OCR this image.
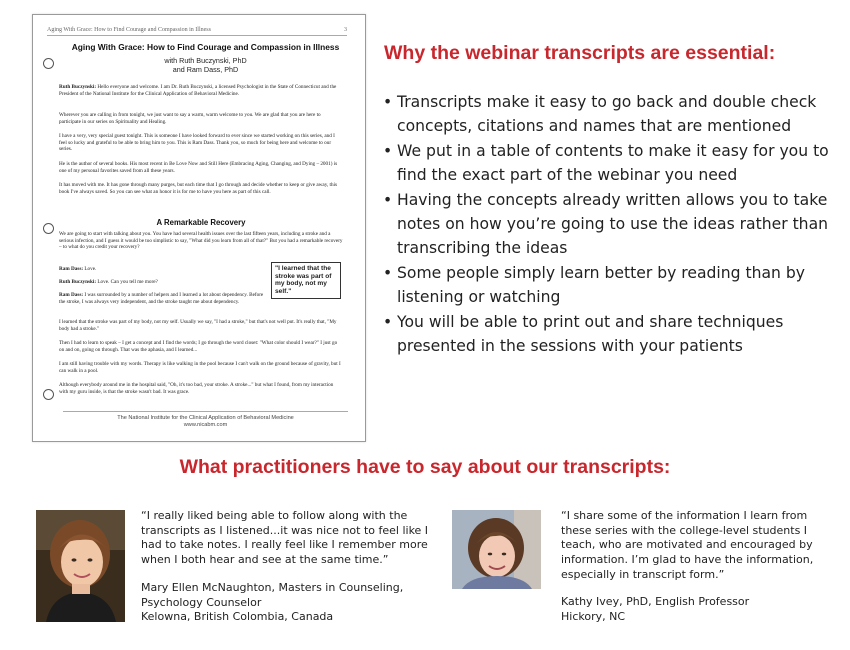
Aging With Grace: How to Find Courage and Compassion in Illness	3
Aging With Grace: How to Find Courage and Compassion in Illness
with Ruth Buczynski, PhD
and Ram Dass, PhD

Ruth Buczynski: Hello everyone and welcome. I am Dr. Ruth Buczynski, a licensed Psychologist in the State of Connecticut and the President of the National Institute for the Clinical Application of Behavioral Medicine.

Wherever you are calling in from tonight, we just want to say a warm, warm welcome to you. We are glad that you are here to participate in our series on Spirituality and Healing.

I have a very, very special guest tonight. This is someone I have looked forward to ever since we started working on this series, and I feel so lucky and grateful to be able to bring him to you. This is Ram Dass. Thank you, so much for being here and welcome to our series.

He is the author of several books. His most recent in Be Love Now and Still Here (Embracing Aging, Changing, and Dying – 2001) is one of my personal favorites saved from all these years.

It has moved with me. It has gone through many purges, but each time that I go through and decide whether to keep or give away, this book I've always saved. So you can see what an honor it is for me to have you here as part of this call.

A Remarkable Recovery

We are going to start with talking about you. You have had several health issues over the last fifteen years, including a stroke and a serious infection, and I guess it would be too simplistic to say, "What did you learn from all of that?" But you had a remarkable recovery – to what do you credit your recovery?

Ram Dass: Love.

Ruth Buczynski: Love. Can you tell me more?

Ram Dass: I was surrounded by a number of helpers and I learned a lot about dependency. Before the stroke, I was always very independent, and the stroke taught me about dependency.

"I learned that the stroke was part of my body, not my self."

I learned that the stroke was part of my body, not my self. Usually we say, "I had a stroke," but that's not well put. It's really that, "My body had a stroke."

Then I had to learn to speak – I get a concept and I find the words; I go through the word closet: "What color should I wear?" I just go on and on, going on through. That was the aphasia, and I learned...

I am still having trouble with my words. Therapy is like walking in the pool because I can't walk on the ground because of gravity, but I can walk in a pool.

Although everybody around me in the hospital said, "Oh, it's too bad, your stroke. A stroke..." but what I found, from my interaction with my guru inside, is that the stroke wasn't bad. It was grace.

The National Institute for the Clinical Application of Behavioral Medicine
www.nicabm.com
Why the webinar transcripts are essential:
• Transcripts make it easy to go back and double check concepts, citations and names that are mentioned
• We put in a table of contents to make it easy for you to find the exact part of the webinar you need
• Having the concepts already written allows you to take notes on how you’re going to use the ideas rather than transcribing the ideas
• Some people simply learn better by reading than by listening or watching
• You will be able to print out and share techniques presented in the sessions with your patients
What practitioners have to say about our transcripts:

“I really liked being able to follow along with the transcripts as I listened...it was nice not to feel like I had to take notes. I really feel like I remember more when I both hear and see at the same time.”

Mary Ellen McNaughton, Masters in Counseling,
Psychology Counselor
Kelowna, British Colombia, Canada

“I share some of the information I learn from these series with the college-level students I teach, who are motivated and encouraged by information. I’m glad to have the information, especially in transcript form.”

Kathy Ivey, PhD, English Professor
Hickory, NC
